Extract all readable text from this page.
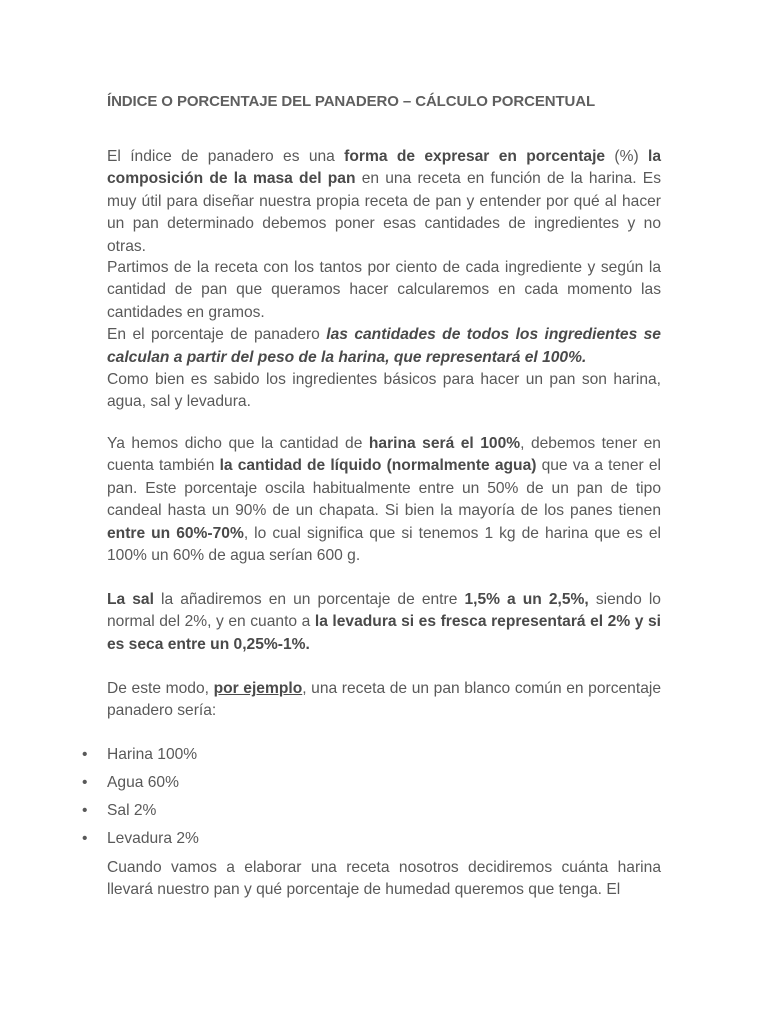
ÍNDICE O PORCENTAJE DEL PANADERO – CÁLCULO PORCENTUAL

El índice de panadero es una forma de expresar en porcentaje (%) la composición de la masa del pan en una receta en función de la harina. Es muy útil para diseñar nuestra propia receta de pan y entender por qué al hacer un pan determinado debemos poner esas cantidades de ingredientes y no otras.

Partimos de la receta con los tantos por ciento de cada ingrediente y según la cantidad de pan que queramos hacer calcularemos en cada momento las cantidades en gramos.
En el porcentaje de panadero las cantidades de todos los ingredientes se calculan a partir del peso de la harina, que representará el 100%.
Como bien es sabido los ingredientes básicos para hacer un pan son harina, agua, sal y levadura.

Ya hemos dicho que la cantidad de harina será el 100%, debemos tener en cuenta también la cantidad de líquido (normalmente agua) que va a tener el pan. Este porcentaje oscila habitualmente entre un 50% de un pan de tipo candeal hasta un 90% de un chapata. Si bien la mayoría de los panes tienen entre un 60%-70%, lo cual significa que si tenemos 1 kg de harina que es el 100% un 60% de agua serían 600 g.

La sal la añadiremos en un porcentaje de entre 1,5% a un 2,5%, siendo lo normal del 2%, y en cuanto a la levadura si es fresca representará el 2% y si es seca entre un 0,25%-1%.

De este modo, por ejemplo, una receta de un pan blanco común en porcentaje panadero sería:

•	Harina 100%
•	Agua 60%
•	Sal 2%
•	Levadura 2%

Cuando vamos a elaborar una receta nosotros decidiremos cuánta harina llevará nuestro pan y qué porcentaje de humedad queremos que tenga. El
